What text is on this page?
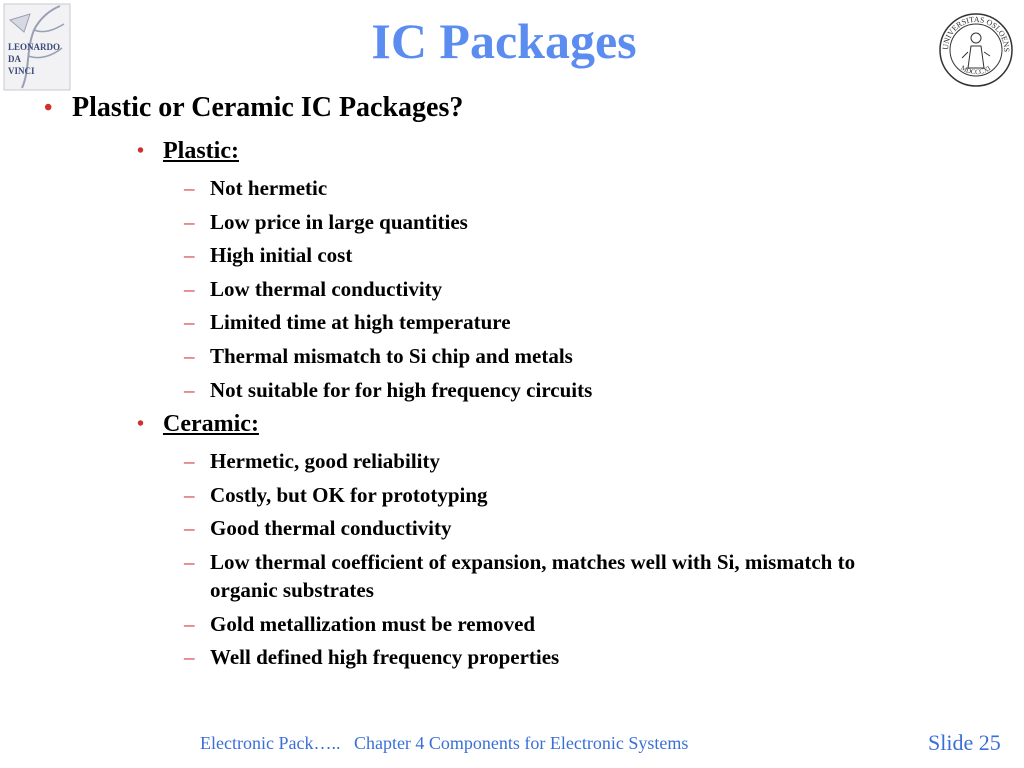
LEONARDO
DA
VINCI
IC Packages	UNIVERSITAS OSLOENS
MDCCCXI
• Plastic or Ceramic IC Packages?
• Plastic:
– Not hermetic
– Low price in large quantities
– High initial cost
– Low thermal conductivity
– Limited time at high temperature
– Thermal mismatch to Si chip and metals
– Not suitable for for high frequency circuits
• Ceramic:
– Hermetic, good reliability
– Costly, but OK for prototyping
– Good thermal conductivity
– Low thermal coefficient of expansion, matches well with Si, mismatch to
organic substrates
– Gold metallization must be removed
– Well defined high frequency properties
Electronic Pack…..   Chapter 4 Components for Electronic Systems	Slide 25
